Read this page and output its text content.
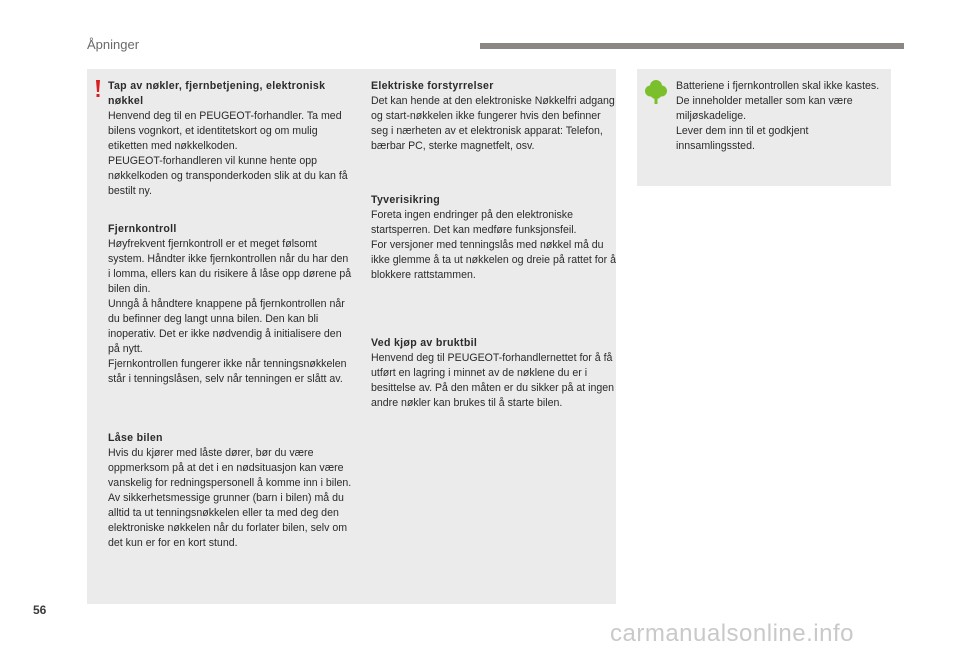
Åpninger

Tap av nøkler, fjernbetjening, elektronisk nøkkel

Henvend deg til en PEUGEOT-forhandler. Ta med bilens vognkort, et identitetskort og om mulig etiketten med nøkkelkoden.
PEUGEOT-forhandleren vil kunne hente opp nøkkelkoden og transponderkoden slik at du kan få bestilt ny.

Fjernkontroll

Høyfrekvent fjernkontroll er et meget følsomt system. Håndter ikke fjernkontrollen når du har den i lomma, ellers kan du risikere å låse opp dørene på bilen din.
Unngå å håndtere knappene på fjernkontrollen når du befinner deg langt unna bilen. Den kan bli inoperativ. Det er ikke nødvendig å initialisere den på nytt.
Fjernkontrollen fungerer ikke når tenningsnøkkelen står i tenningslåsen, selv når tenningen er slått av.

Låse bilen

Hvis du kjører med låste dører, bør du være oppmerksom på at det i en nødsituasjon kan være vanskelig for redningspersonell å komme inn i bilen.
Av sikkerhetsmessige grunner (barn i bilen) må du alltid ta ut tenningsnøkkelen eller ta med deg den elektroniske nøkkelen når du forlater bilen, selv om det kun er for en kort stund.

Elektriske forstyrrelser

Det kan hende at den elektroniske Nøkkelfri adgang og start-nøkkelen ikke fungerer hvis den befinner seg i nærheten av et elektronisk apparat: Telefon, bærbar PC, sterke magnetfelt, osv.

Tyverisikring

Foreta ingen endringer på den elektroniske startsperren. Det kan medføre funksjonsfeil.
For versjoner med tenningslås med nøkkel må du ikke glemme å ta ut nøkkelen og dreie på rattet for å blokkere rattstammen.

Ved kjøp av bruktbil

Henvend deg til PEUGEOT-forhandlernettet for å få utført en lagring i minnet av de nøklene du er i besittelse av. På den måten er du sikker på at ingen andre nøkler kan brukes til å starte bilen.

Batteriene i fjernkontrollen skal ikke kastes. De inneholder metaller som kan være miljøskadelige.
Lever dem inn til et godkjent innsamlingssted.

56
carmanualsonline.info
